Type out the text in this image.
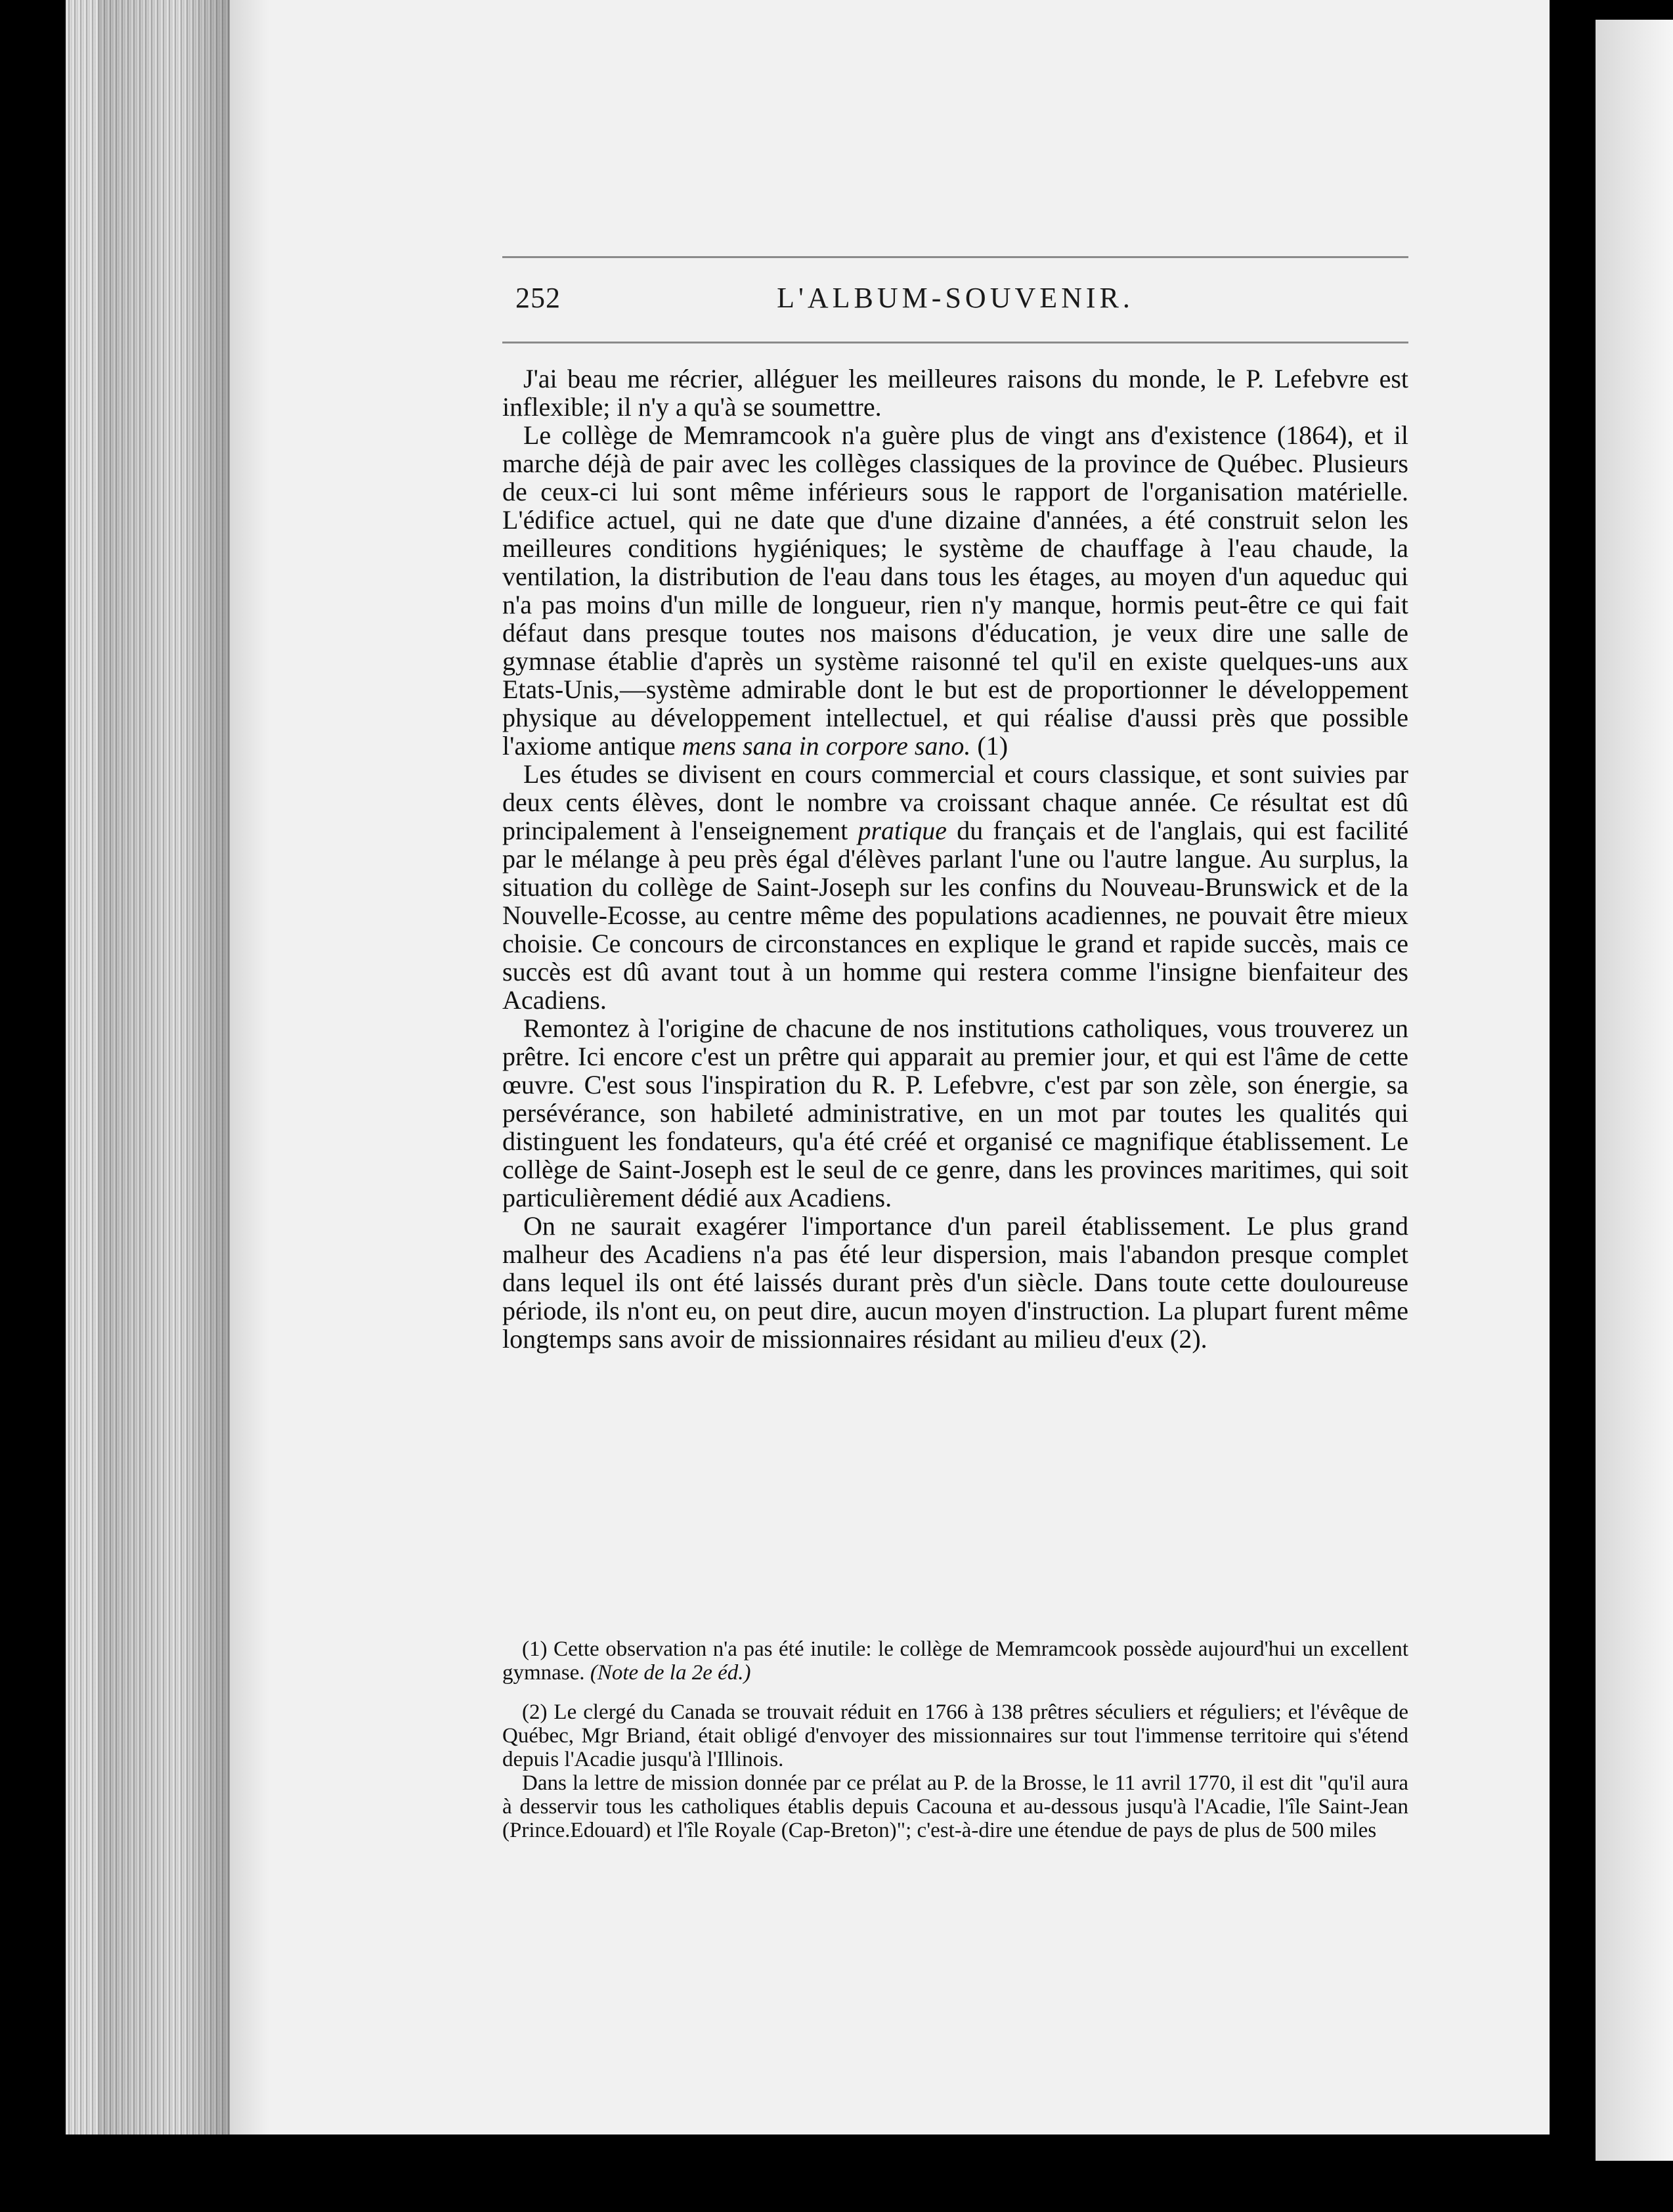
252	L'ALBUM-SOUVENIR.

J'ai beau me récrier, alléguer les meilleures raisons du monde, le P. Lefebvre est inflexible; il n'y a qu'à se soumettre.

Le collège de Memramcook n'a guère plus de vingt ans d'existence (1864), et il marche déjà de pair avec les collèges classiques de la province de Québec. Plusieurs de ceux-ci lui sont même inférieurs sous le rapport de l'organisation matérielle. L'édifice actuel, qui ne date que d'une dizaine d'années, a été construit selon les meilleures conditions hygiéniques; le système de chauffage à l'eau chaude, la ventilation, la distribution de l'eau dans tous les étages, au moyen d'un aqueduc qui n'a pas moins d'un mille de longueur, rien n'y manque, hormis peut-être ce qui fait défaut dans presque toutes nos maisons d'éducation, je veux dire une salle de gymnase établie d'après un système raisonné tel qu'il en existe quelques-uns aux Etats-Unis,—système admirable dont le but est de proportionner le développement physique au développement intellectuel, et qui réalise d'aussi près que possible l'axiome antique mens sana in corpore sano. (1)

Les études se divisent en cours commercial et cours classique, et sont suivies par deux cents élèves, dont le nombre va croissant chaque année. Ce résultat est dû principalement à l'enseignement pratique du français et de l'anglais, qui est facilité par le mélange à peu près égal d'élèves parlant l'une ou l'autre langue. Au surplus, la situation du collège de Saint-Joseph sur les confins du Nouveau-Brunswick et de la Nouvelle-Ecosse, au centre même des populations acadiennes, ne pouvait être mieux choisie. Ce concours de circonstances en explique le grand et rapide succès, mais ce succès est dû avant tout à un homme qui restera comme l'insigne bienfaiteur des Acadiens.

Remontez à l'origine de chacune de nos institutions catholiques, vous trouverez un prêtre. Ici encore c'est un prêtre qui apparait au premier jour, et qui est l'âme de cette œuvre. C'est sous l'inspiration du R. P. Lefebvre, c'est par son zèle, son énergie, sa persévérance, son habileté administrative, en un mot par toutes les qualités qui distinguent les fondateurs, qu'a été créé et organisé ce magnifique établissement. Le collège de Saint-Joseph est le seul de ce genre, dans les provinces maritimes, qui soit particulièrement dédié aux Acadiens.

On ne saurait exagérer l'importance d'un pareil établissement. Le plus grand malheur des Acadiens n'a pas été leur dispersion, mais l'abandon presque complet dans lequel ils ont été laissés durant près d'un siècle. Dans toute cette douloureuse période, ils n'ont eu, on peut dire, aucun moyen d'instruction. La plupart furent même longtemps sans avoir de missionnaires résidant au milieu d'eux (2).

(1) Cette observation n'a pas été inutile: le collège de Memramcook possède aujourd'hui un excellent gymnase. (Note de la 2e éd.)

(2) Le clergé du Canada se trouvait réduit en 1766 à 138 prêtres séculiers et réguliers; et l'évêque de Québec, Mgr Briand, était obligé d'envoyer des missionnaires sur tout l'immense territoire qui s'étend depuis l'Acadie jusqu'à l'Illinois.

Dans la lettre de mission donnée par ce prélat au P. de la Brosse, le 11 avril 1770, il est dit "qu'il aura à desservir tous les catholiques établis depuis Cacouna et au-dessous jusqu'à l'Acadie, l'île Saint-Jean (Prince.Edouard) et l'île Royale (Cap-Breton)"; c'est-à-dire une étendue de pays de plus de 500 miles
